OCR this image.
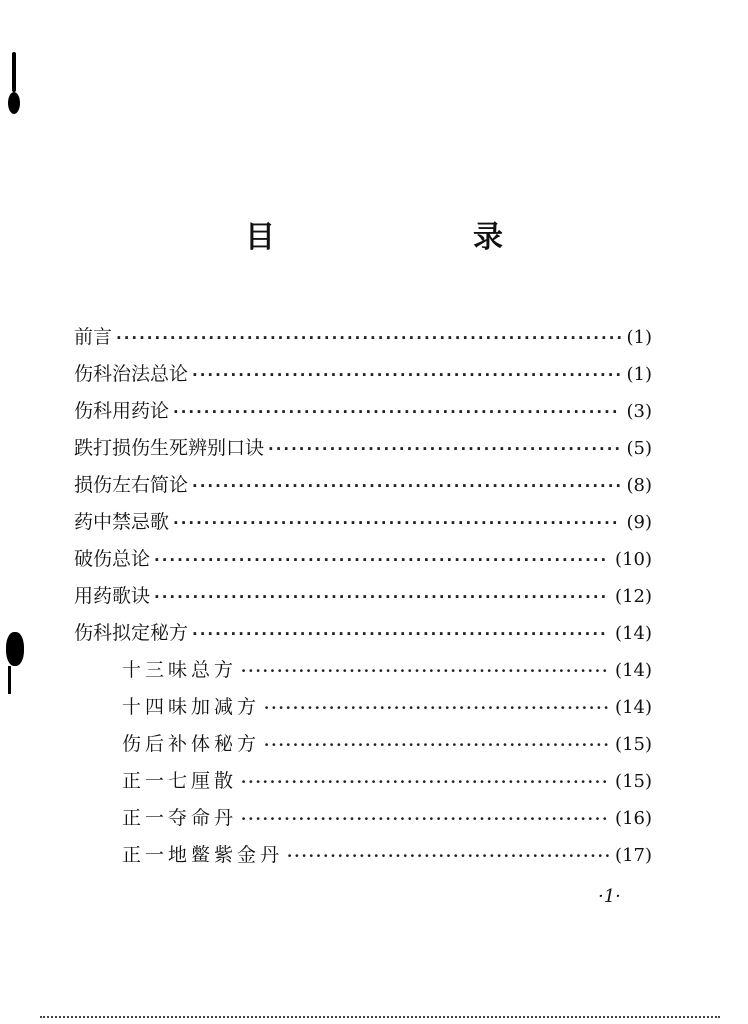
目　录
前言 ·····	(1)
伤科治法总论 ·····	(1)
伤科用药论 ·····	(3)
跌打损伤生死辨别口诀 ·····	(5)
损伤左右简论 ·····	(8)
药中禁忌歌 ·····	(9)
破伤总论 ·····	(10)
用药歌诀 ·····	(12)
伤科拟定秘方 ·····	(14)
十三味总方 ·····	(14)
十四味加减方 ·····	(14)
伤后补体秘方 ·····	(15)
正一七厘散 ·····	(15)
正一夺命丹 ·····	(16)
正一地鳖紫金丹 ·····	(17)
·1·
